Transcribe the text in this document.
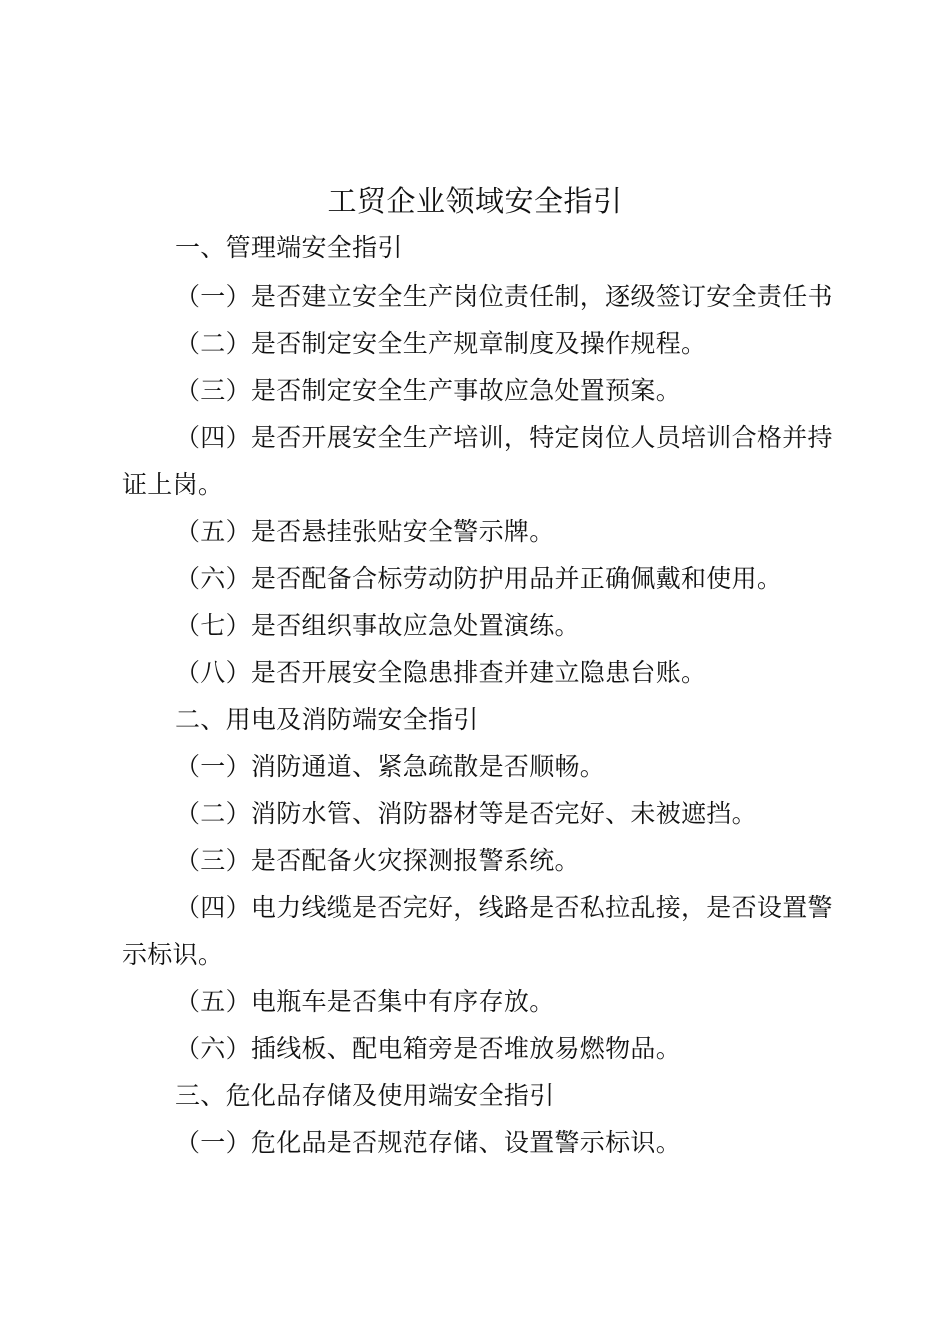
工贸企业领域安全指引
一、管理端安全指引
（一）是否建立安全生产岗位责任制，逐级签订安全责任书
（二）是否制定安全生产规章制度及操作规程。
（三）是否制定安全生产事故应急处置预案。
（四）是否开展安全生产培训，特定岗位人员培训合格并持
证上岗。
（五）是否悬挂张贴安全警示牌。
（六）是否配备合标劳动防护用品并正确佩戴和使用。
（七）是否组织事故应急处置演练。
（八）是否开展安全隐患排查并建立隐患台账。
二、用电及消防端安全指引
（一）消防通道、紧急疏散是否顺畅。
（二）消防水管、消防器材等是否完好、未被遮挡。
（三）是否配备火灾探测报警系统。
（四）电力线缆是否完好，线路是否私拉乱接，是否设置警
示标识。
（五）电瓶车是否集中有序存放。
（六）插线板、配电箱旁是否堆放易燃物品。
三、危化品存储及使用端安全指引
（一）危化品是否规范存储、设置警示标识。
